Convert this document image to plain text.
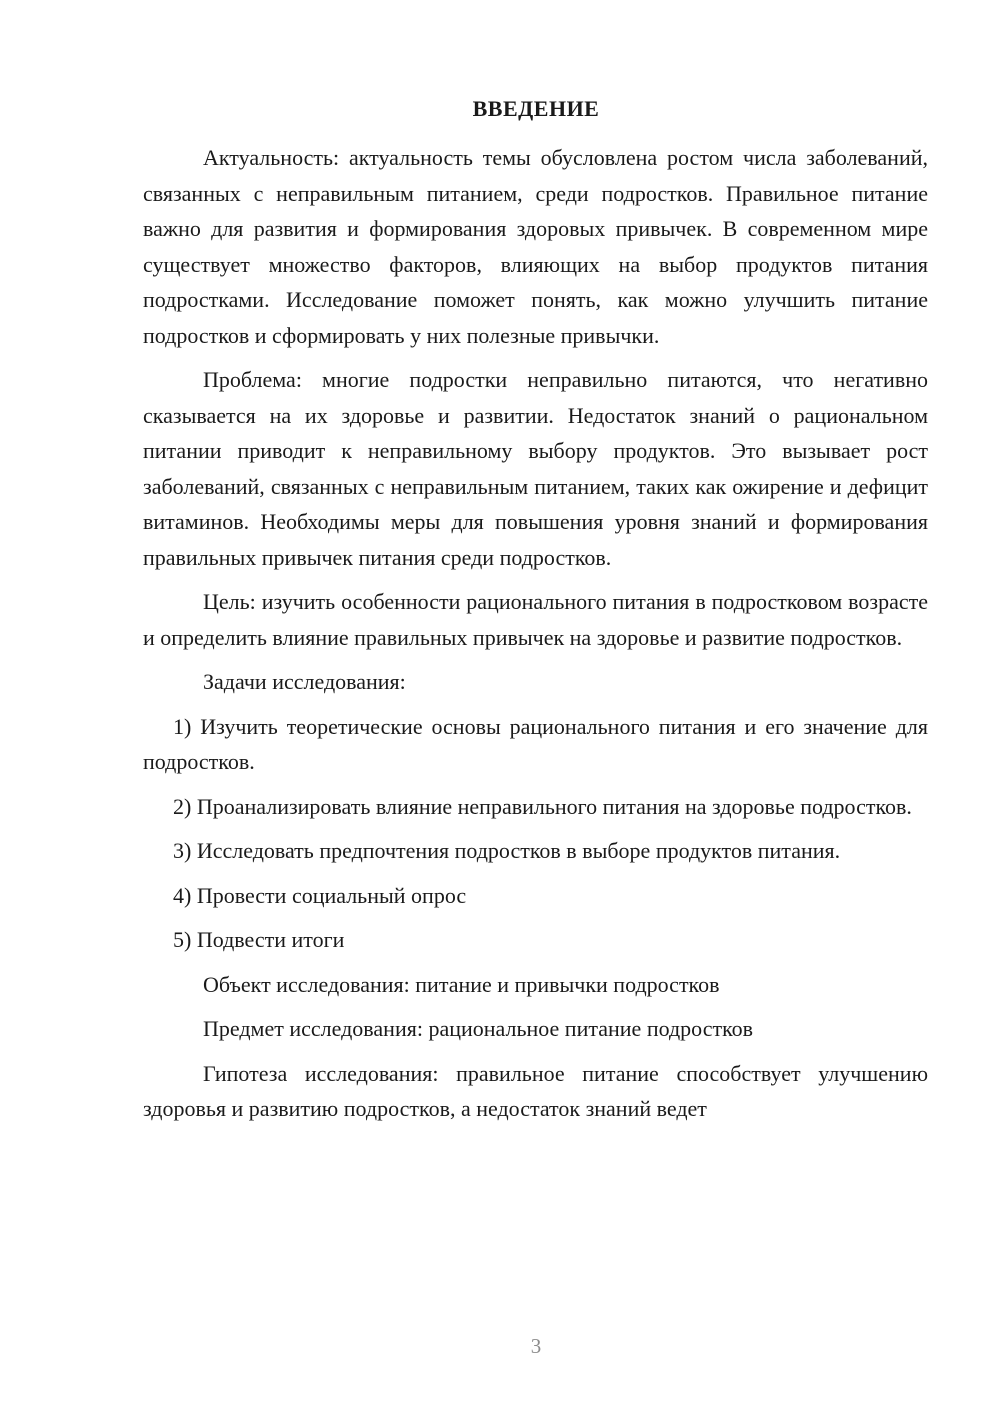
ВВЕДЕНИЕ

Актуальность: актуальность темы обусловлена ростом числа заболеваний, связанных с неправильным питанием, среди подростков. Правильное питание важно для развития и формирования здоровых привычек. В современном мире существует множество факторов, влияющих на выбор продуктов питания подростками. Исследование поможет понять, как можно улучшить питание подростков и сформировать у них полезные привычки.

Проблема: многие подростки неправильно питаются, что негативно сказывается на их здоровье и развитии. Недостаток знаний о рациональном питании приводит к неправильному выбору продуктов. Это вызывает рост заболеваний, связанных с неправильным питанием, таких как ожирение и дефицит витаминов. Необходимы меры для повышения уровня знаний и формирования правильных привычек питания среди подростков.

Цель: изучить особенности рационального питания в подростковом возрасте и определить влияние правильных привычек на здоровье и развитие подростков.

Задачи исследования:

1) Изучить теоретические основы рационального питания и его значение для подростков.

2) Проанализировать влияние неправильного питания на здоровье подростков.

3) Исследовать предпочтения подростков в выборе продуктов питания.

4) Провести социальный опрос

5) Подвести итоги

Объект исследования: питание и привычки подростков

Предмет исследования: рациональное питание подростков

Гипотеза исследования: правильное питание способствует улучшению здоровья и развитию подростков, а недостаток знаний ведет

3
